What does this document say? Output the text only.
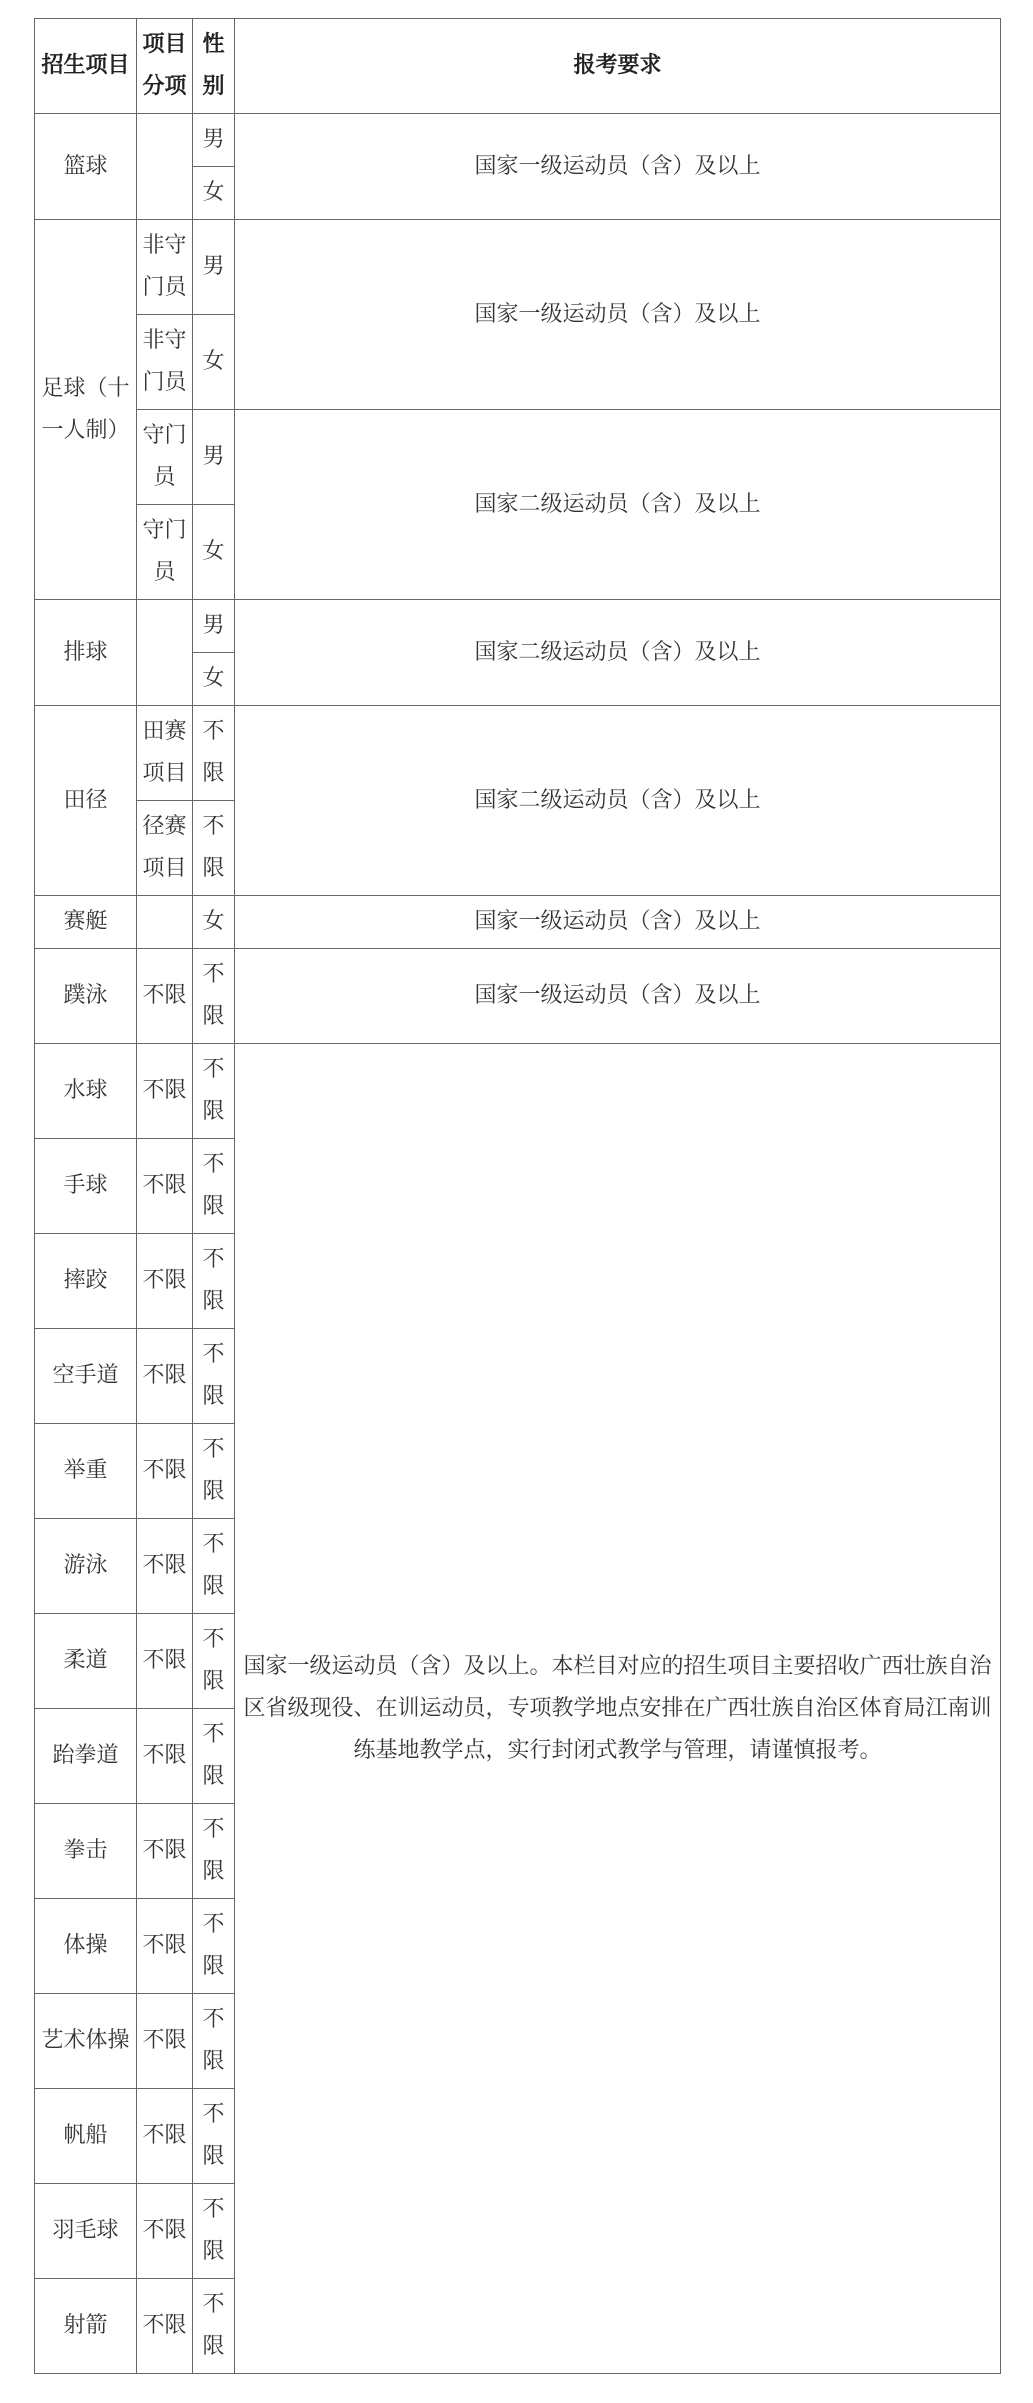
招生项目	项目分项	性别	报考要求
篮球		男	国家一级运动员（含）及以上
		女	
足球（十一人制）	非守门员	男	国家一级运动员（含）及以上
	非守门员	女	
	守门员	男	国家二级运动员（含）及以上
	守门员	女	
排球		男	国家二级运动员（含）及以上
		女	
田径	田赛项目	不限	国家二级运动员（含）及以上
	径赛项目	不限	
赛艇		女	国家一级运动员（含）及以上
蹼泳	不限	不限	国家一级运动员（含）及以上
水球	不限	不限	国家一级运动员（含）及以上。本栏目对应的招生项目主要招收广西壮族自治区省级现役、在训运动员，专项教学地点安排在广西壮族自治区体育局江南训练基地教学点，实行封闭式教学与管理，请谨慎报考。
手球	不限	不限	
摔跤	不限	不限	
空手道	不限	不限	
举重	不限	不限	
游泳	不限	不限	
柔道	不限	不限	
跆拳道	不限	不限	
拳击	不限	不限	
体操	不限	不限	
艺术体操	不限	不限	
帆船	不限	不限	
羽毛球	不限	不限	
射箭	不限	不限	
